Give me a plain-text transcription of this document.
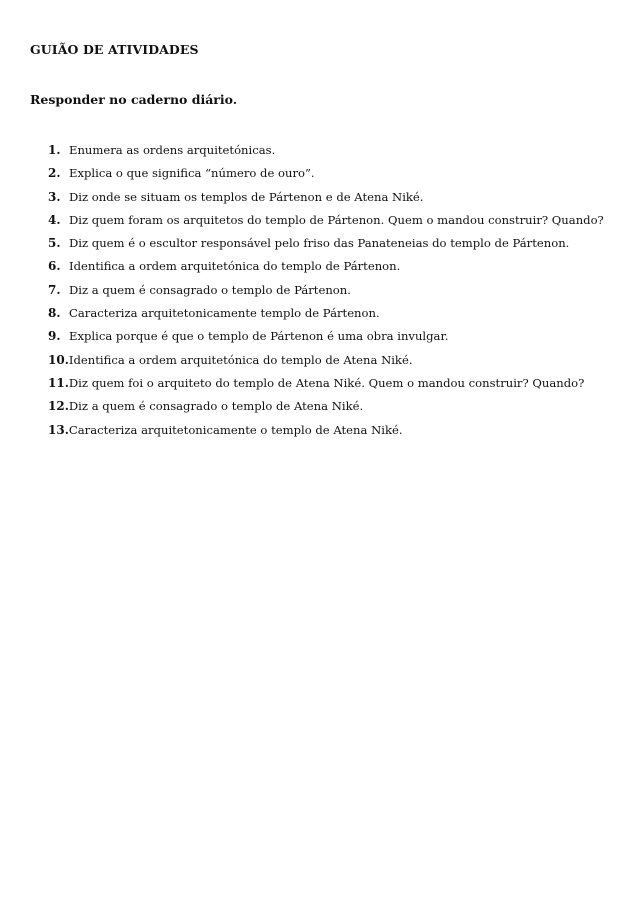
GUIÃO DE ATIVIDADES
Responder no caderno diário.
1. Enumera as ordens arquitetónicas.
2. Explica o que significa “número de ouro”.
3. Diz onde se situam os templos de Pártenon e de Atena Niké.
4. Diz quem foram os arquitetos do templo de Pártenon. Quem o mandou construir? Quando?
5. Diz quem é o escultor responsável pelo friso das Panateneias do templo de Pártenon.
6. Identifica a ordem arquitetónica do templo de Pártenon.
7. Diz a quem é consagrado o templo de Pártenon.
8. Caracteriza arquitetonicamente templo de Pártenon.
9. Explica porque é que o templo de Pártenon é uma obra invulgar.
10. Identifica a ordem arquitetónica do templo de Atena Niké.
11. Diz quem foi o arquiteto do templo de Atena Niké. Quem o mandou construir? Quando?
12. Diz a quem é consagrado o templo de Atena Niké.
13. Caracteriza arquitetonicamente o templo de Atena Niké.
